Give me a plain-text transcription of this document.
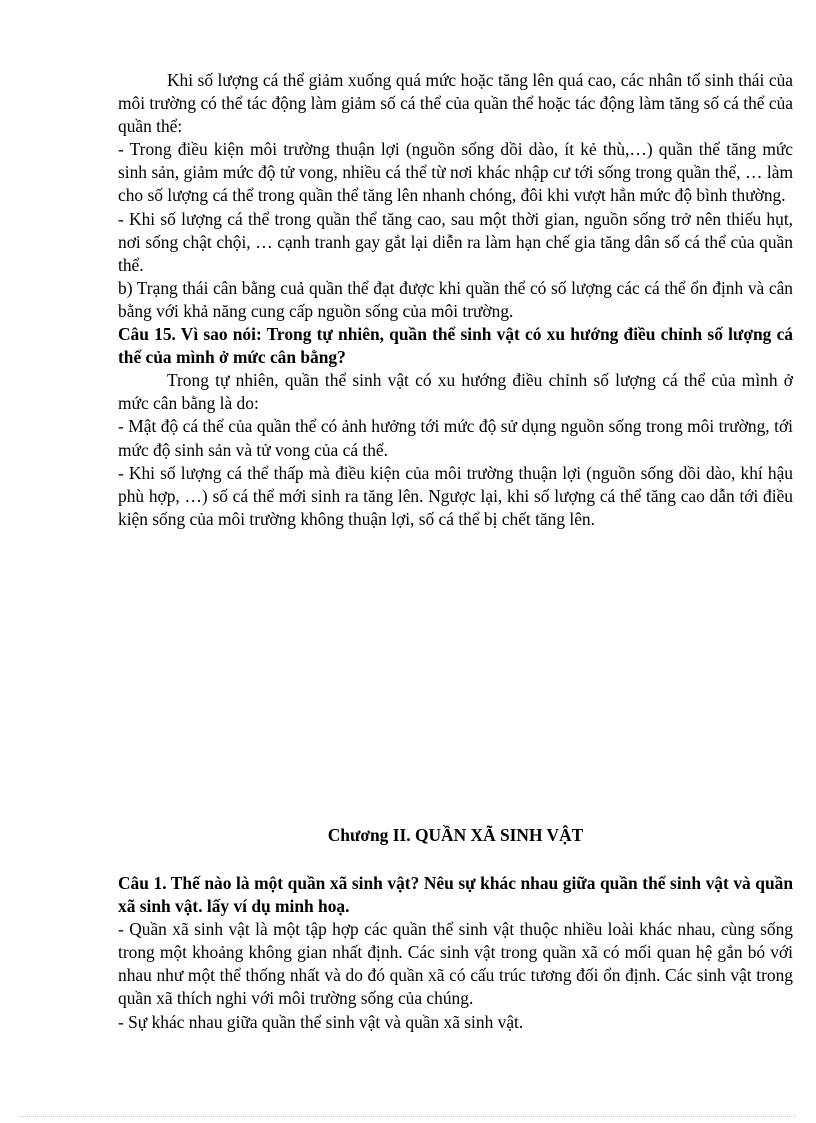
Khi số lượng cá thể giảm xuống quá mức hoặc tăng lên quá cao, các nhân tố sinh thái của môi trường có thể tác động làm giảm số cá thể của quần thể hoặc tác động làm tăng số cá thể của quần thể:

- Trong điều kiện môi trường thuận lợi (nguồn sống dồi dào, ít kẻ thù,…) quần thể tăng mức sinh sản, giảm mức độ tử vong, nhiều cá thể từ nơi khác nhập cư tới sống trong quần thể, … làm cho số lượng cá thể trong quần thể tăng lên nhanh chóng, đôi khi vượt hẳn mức độ bình thường.

- Khi số lượng cá thể trong quần thể tăng cao, sau một thời gian, nguồn sống trở nên thiếu hụt, nơi sống chật chội, … cạnh tranh gay gắt lại diễn ra làm hạn chế gia tăng dân số cá thể của quần thể.

b) Trạng thái cân bằng cuả quần thể đạt được khi quần thể có số lượng các cá thể ổn định và cân bằng với khả năng cung cấp nguồn sống của môi trường.

Câu 15. Vì sao nói: Trong tự nhiên, quần thể sinh vật có xu hướng điều chỉnh số lượng cá thể của mình ở mức cân bằng?

Trong tự nhiên, quần thể sinh vật có xu hướng điều chỉnh số lượng cá thể của mình ở mức cân bằng là do:

- Mật độ cá thể của quần thể có ảnh hưởng tới mức độ sử dụng nguồn sống trong môi trường, tới mức độ sinh sản và tử vong của cá thể.

- Khi số lượng cá thể thấp mà điều kiện của môi trường thuận lợi (nguồn sống dồi dào, khí hậu phù hợp, …) số cá thể mới sinh ra tăng lên. Ngược lại, khi số lượng cá thể tăng cao dẫn tới điều kiện sống của môi trường không thuận lợi, số cá thể bị chết tăng lên.

Chương II. QUẦN XÃ SINH VẬT

Câu 1. Thế nào là một quần xã sinh vật? Nêu sự khác nhau giữa quần thể sinh vật và quần xã sinh vật. lấy ví dụ minh hoạ.

- Quần xã sinh vật là một tập hợp các quần thể sinh vật thuộc nhiều loài khác nhau, cùng sống trong một khoảng không gian nhất định. Các sinh vật trong quần xã có mối quan hệ gắn bó với nhau như một thể thống nhất và do đó quần xã có cấu trúc tương đối ổn định. Các sinh vật trong quần xã thích nghi với môi trường sống của chúng.

- Sự khác nhau giữa quần thể sinh vật và quần xã sinh vật.
